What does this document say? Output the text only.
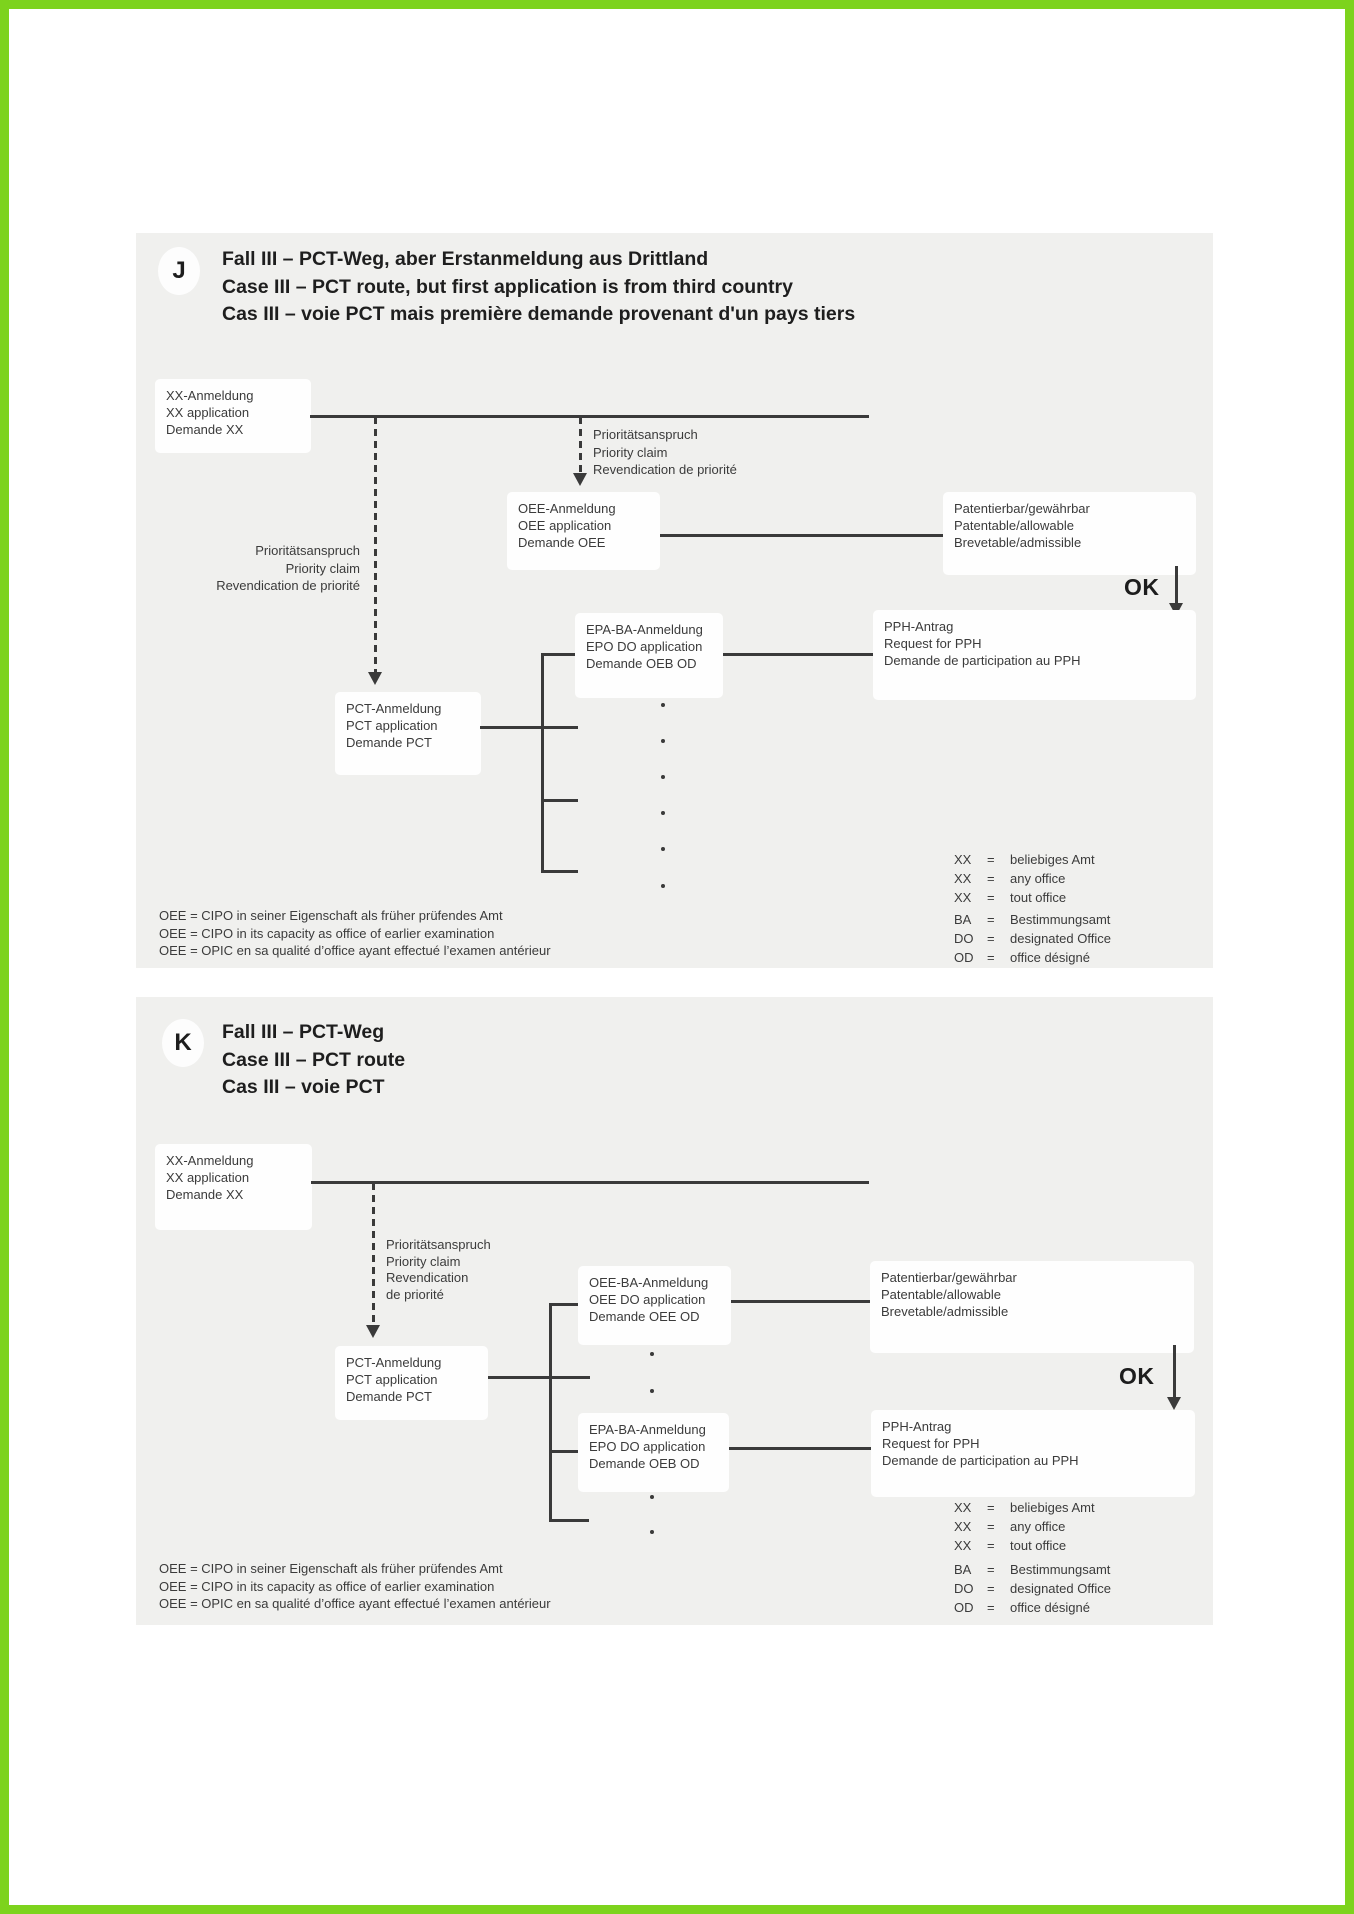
J	Fall III – PCT-Weg, aber Erstanmeldung aus Drittland
Case III – PCT route, but first application is from third country
Cas III – voie PCT mais première demande provenant d'un pays tiers
XX-Anmeldung
XX application
Demande XX	Prioritätsanspruch
Priority claim
Revendication de priorité
Prioritätsanspruch
Priority claim
Revendication de priorité
OEE-Anmeldung
OEE application
Demande OEE
Patentierbar/gewährbar
Patentable/allowable
Brevetable/admissible
OK
EPA-BA-Anmeldung
EPO DO application
Demande OEB OD
PPH-Antrag
Request for PPH
Demande de participation au PPH
PCT-Anmeldung
PCT application
Demande PCT
XX	=	beliebiges Amt
XX	=	any office
XX	=	tout office
BA	=	Bestimmungsamt
DO	=	designated Office
OD	=	office désigné
OEE = CIPO in seiner Eigenschaft als früher prüfendes Amt
OEE = CIPO in its capacity as office of earlier examination
OEE = OPIC en sa qualité d’office ayant effectué l’examen antérieur
K	Fall III – PCT-Weg
Case III – PCT route
Cas III – voie PCT
XX-Anmeldung
XX application
Demande XX
Prioritätsanspruch
Priority claim
Revendication
de priorité
PCT-Anmeldung
PCT application
Demande PCT
OEE-BA-Anmeldung
OEE DO application
Demande OEE OD
Patentierbar/gewährbar
Patentable/allowable
Brevetable/admissible
OK
EPA-BA-Anmeldung
EPO DO application
Demande OEB OD
PPH-Antrag
Request for PPH
Demande de participation au PPH
XX	=	beliebiges Amt
XX	=	any office
XX	=	tout office
BA	=	Bestimmungsamt
DO	=	designated Office
OD	=	office désigné
OEE = CIPO in seiner Eigenschaft als früher prüfendes Amt
OEE = CIPO in its capacity as office of earlier examination
OEE = OPIC en sa qualité d’office ayant effectué l’examen antérieur
